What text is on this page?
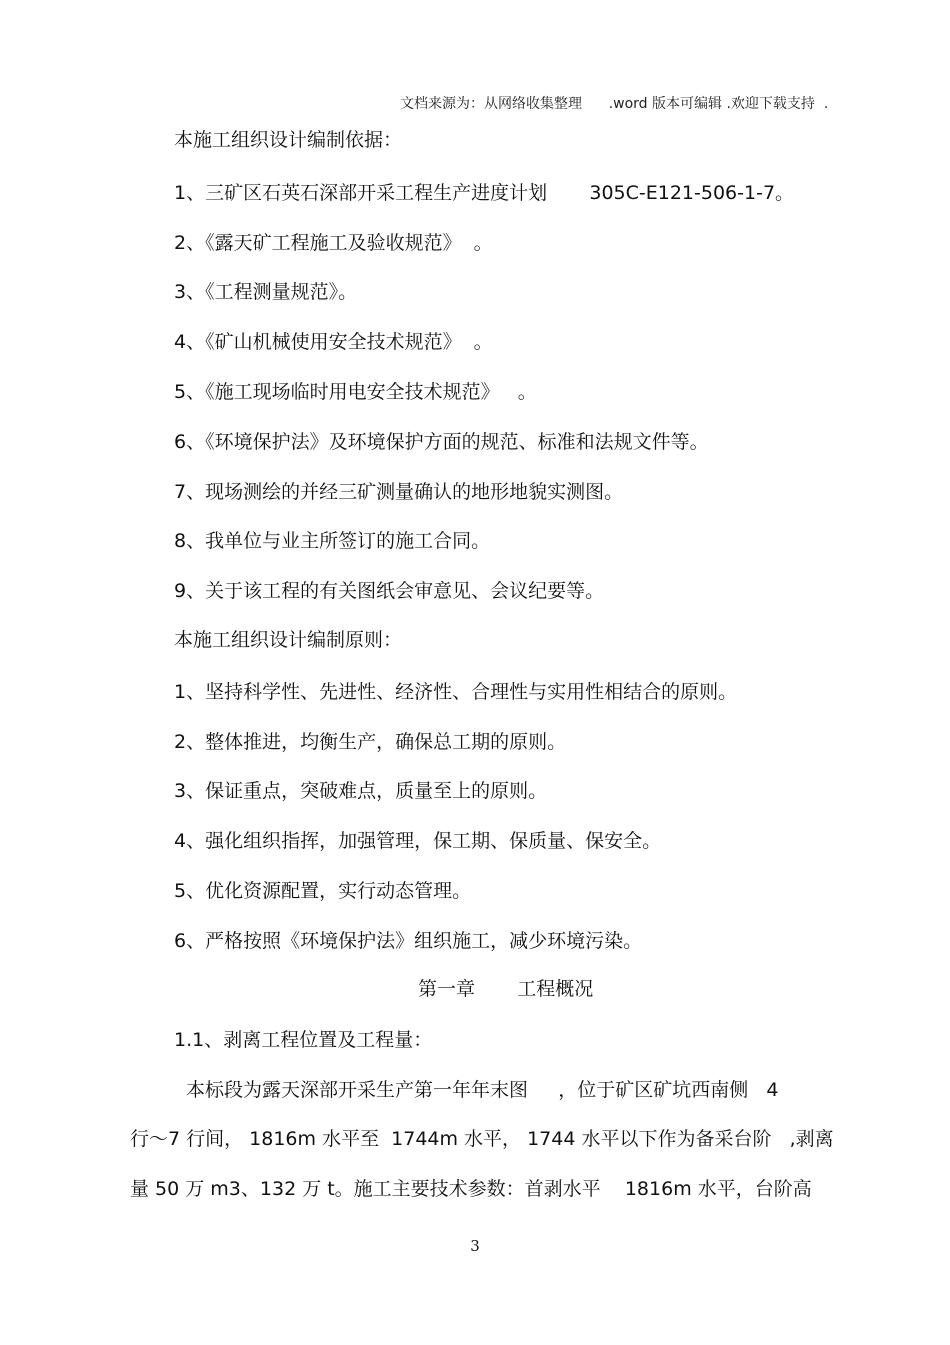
文档来源为：从网络收集整理      .word 版本可编辑 .欢迎下载支持  .
本施工组织设计编制依据：
1、三矿区石英石深部开采工程生产进度计划       305C-E121-506-1-7。
2、《露天矿工程施工及验收规范》  。
3、《工程测量规范》。
4、《矿山机械使用安全技术规范》  。
5、《施工现场临时用电安全技术规范》   。
6、《环境保护法》及环境保护方面的规范、标准和法规文件等。
7、现场测绘的并经三矿测量确认的地形地貌实测图。
8、我单位与业主所签订的施工合同。
9、关于该工程的有关图纸会审意见、会议纪要等。
本施工组织设计编制原则：
1、坚持科学性、先进性、经济性、合理性与实用性相结合的原则。
2、整体推进，均衡生产，确保总工期的原则。
3、保证重点，突破难点，质量至上的原则。
4、强化组织指挥，加强管理，保工期、保质量、保安全。
5、优化资源配置，实行动态管理。
6、严格按照《环境保护法》组织施工，减少环境污染。
第一章       工程概况
1.1、剥离工程位置及工程量：
本标段为露天深部开采生产第一年年末图     ，位于矿区矿坑西南侧   4
行～7 行间， 1816m 水平至  1744m 水平， 1744 水平以下作为备采台阶   ,剥离
量 50 万 m3、132 万 t。施工主要技术参数：首剥水平    1816m 水平，台阶高
3
